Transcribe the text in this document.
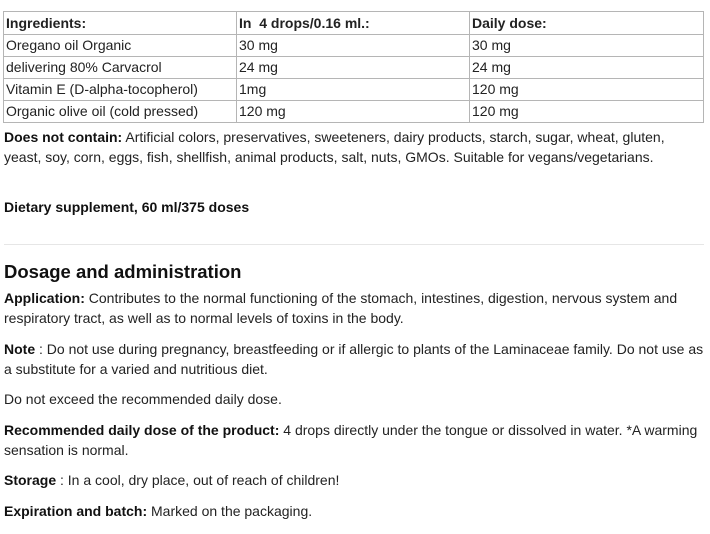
Ingredients:	In  4 drops/0.16 ml.:	Daily dose:
Oregano oil Organic	30 mg	30 mg
delivering 80% Carvacrol	24 mg	24 mg
Vitamin E (D-alpha-tocopherol)	1mg	120 mg
Organic olive oil (cold pressed)	120 mg	120 mg

Does not contain: Artificial colors, preservatives, sweeteners, dairy products, starch, sugar, wheat, gluten, yeast, soy, corn, eggs, fish, shellfish, animal products, salt, nuts, GMOs. Suitable for vegans/vegetarians.

Dietary supplement, 60 ml/375 doses

Dosage and administration

Application: Contributes to the normal functioning of the stomach, intestines, digestion, nervous system and respiratory tract, as well as to normal levels of toxins in the body.

Note : Do not use during pregnancy, breastfeeding or if allergic to plants of the Laminaceae family. Do not use as a substitute for a varied and nutritious diet.

Do not exceed the recommended daily dose.

Recommended daily dose of the product: 4 drops directly under the tongue or dissolved in water. *A warming sensation is normal.

Storage : In a cool, dry place, out of reach of children!

Expiration and batch: Marked on the packaging.
